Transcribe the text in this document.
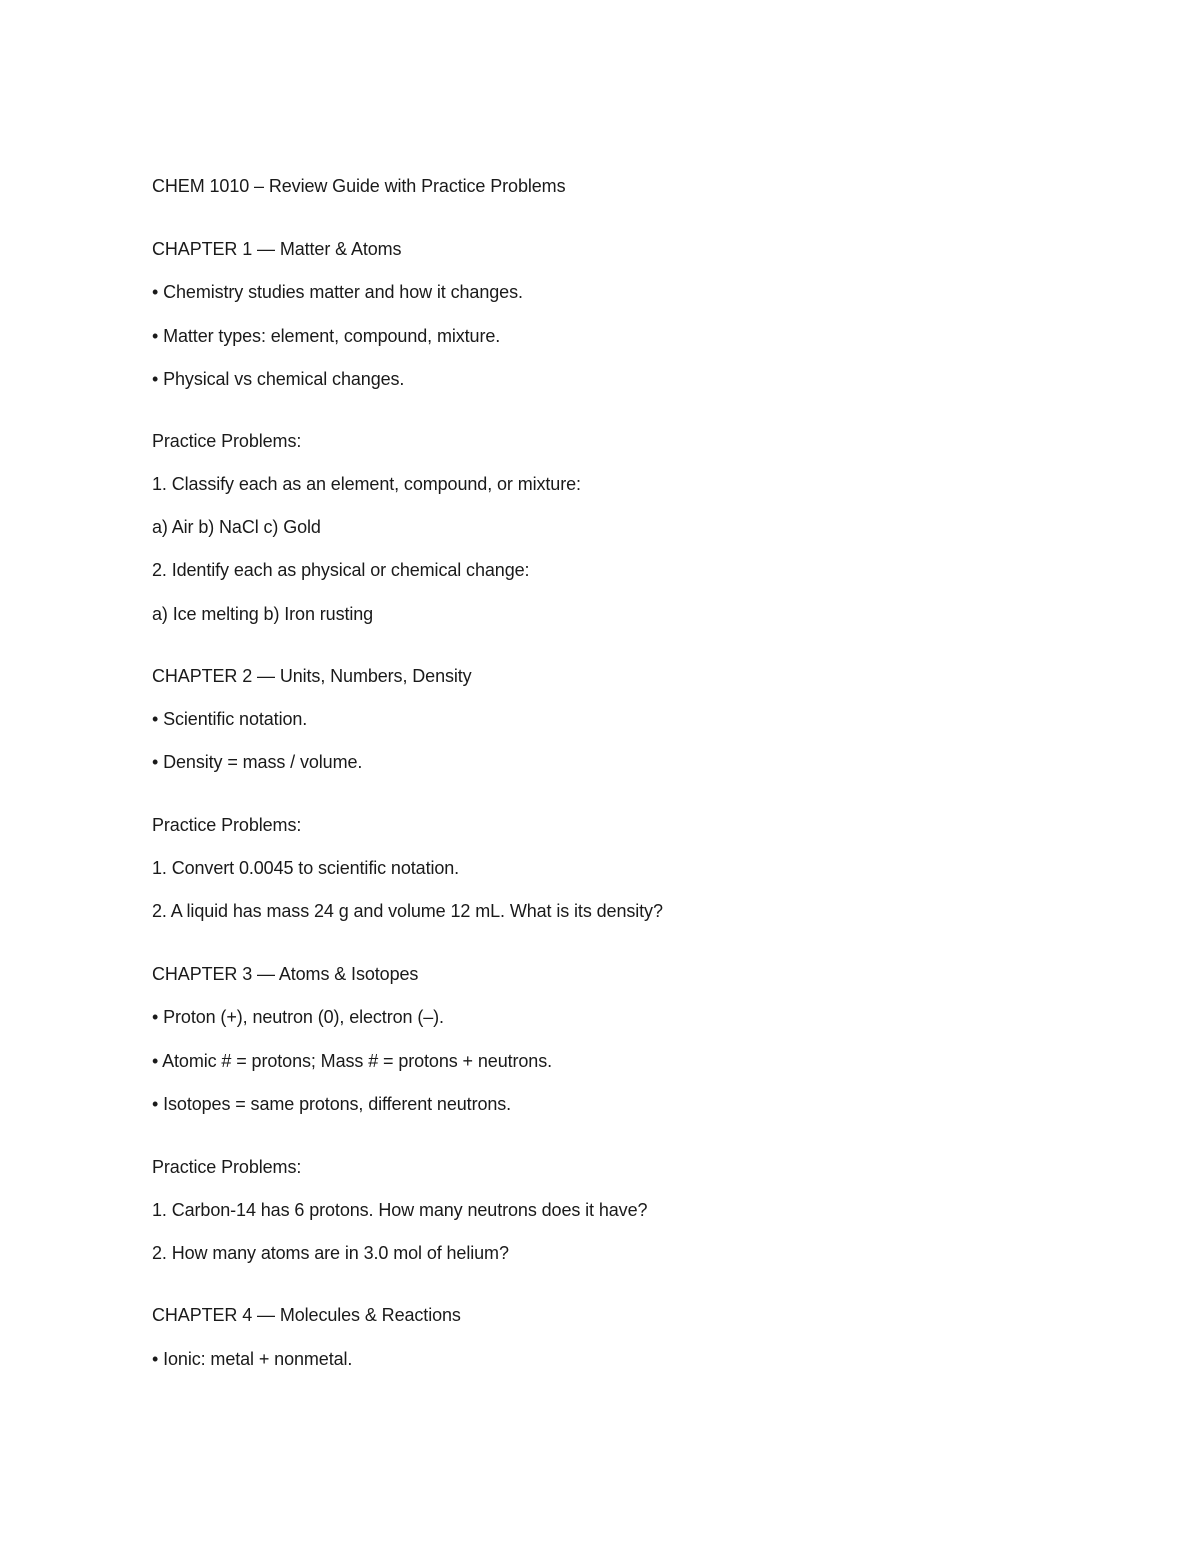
CHEM 1010 – Review Guide with Practice Problems
CHAPTER 1 — Matter & Atoms
• Chemistry studies matter and how it changes.
• Matter types: element, compound, mixture.
• Physical vs chemical changes.
Practice Problems:
1. Classify each as an element, compound, or mixture:
a) Air b) NaCl c) Gold
2. Identify each as physical or chemical change:
a) Ice melting b) Iron rusting
CHAPTER 2 — Units, Numbers, Density
• Scientific notation.
• Density = mass / volume.
Practice Problems:
1. Convert 0.0045 to scientific notation.
2. A liquid has mass 24 g and volume 12 mL. What is its density?
CHAPTER 3 — Atoms & Isotopes
• Proton (+), neutron (0), electron (–).
• Atomic # = protons; Mass # = protons + neutrons.
• Isotopes = same protons, different neutrons.
Practice Problems:
1. Carbon-14 has 6 protons. How many neutrons does it have?
2. How many atoms are in 3.0 mol of helium?
CHAPTER 4 — Molecules & Reactions
• Ionic: metal + nonmetal.
